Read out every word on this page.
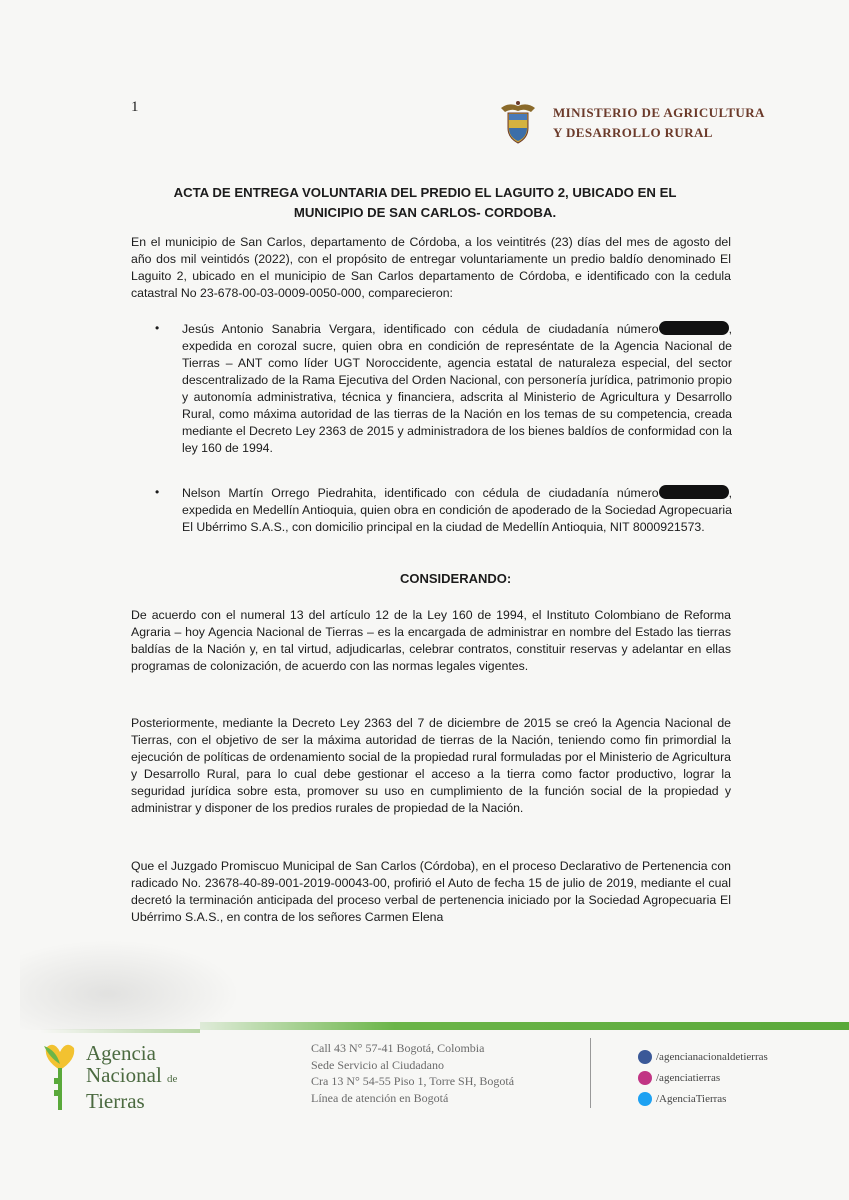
1	MINISTERIO DE AGRICULTURA
Y DESARROLLO RURAL
ACTA DE ENTREGA VOLUNTARIA DEL PREDIO EL LAGUITO 2, UBICADO EN EL
MUNICIPIO DE SAN CARLOS- CORDOBA.
En el municipio de San Carlos, departamento de Córdoba, a los veintitrés (23) días del mes de agosto del año dos mil veintidós (2022), con el propósito de entregar voluntariamente un predio baldío denominado El Laguito 2, ubicado en el municipio de San Carlos departamento de Córdoba, e identificado con la cedula catastral No 23-678-00-03-0009-0050-000, comparecieron:
• Jesús Antonio Sanabria Vergara, identificado con cédula de ciudadanía número	, expedida en corozal sucre, quien obra en condición de represéntate de la Agencia Nacional de Tierras – ANT como líder UGT Noroccidente, agencia estatal de naturaleza especial, del sector descentralizado de la Rama Ejecutiva del Orden Nacional, con personería jurídica, patrimonio propio y autonomía administrativa, técnica y financiera, adscrita al Ministerio de Agricultura y Desarrollo Rural, como máxima autoridad de las tierras de la Nación en los temas de su competencia, creada mediante el Decreto Ley 2363 de 2015 y administradora de los bienes baldíos de conformidad con la ley 160 de 1994.
• Nelson Martín Orrego Piedrahita, identificado con cédula de ciudadanía número	, expedida en Medellín Antioquia, quien obra en condición de apoderado de la Sociedad Agropecuaria El Ubérrimo S.A.S., con domicilio principal en la ciudad de Medellín Antioquia, NIT 8000921573.
CONSIDERANDO:
De acuerdo con el numeral 13 del artículo 12 de la Ley 160 de 1994, el Instituto Colombiano de Reforma Agraria – hoy Agencia Nacional de Tierras – es la encargada de administrar en nombre del Estado las tierras baldías de la Nación y, en tal virtud, adjudicarlas, celebrar contratos, constituir reservas y adelantar en ellas programas de colonización, de acuerdo con las normas legales vigentes.
Posteriormente, mediante la Decreto Ley 2363 del 7 de diciembre de 2015 se creó la Agencia Nacional de Tierras, con el objetivo de ser la máxima autoridad de tierras de la Nación, teniendo como fin primordial la ejecución de políticas de ordenamiento social de la propiedad rural formuladas por el Ministerio de Agricultura y Desarrollo Rural, para lo cual debe gestionar el acceso a la tierra como factor productivo, lograr la seguridad jurídica sobre esta, promover su uso en cumplimiento de la función social de la propiedad y administrar y disponer de los predios rurales de propiedad de la Nación.
Que el Juzgado Promiscuo Municipal de San Carlos (Córdoba), en el proceso Declarativo de Pertenencia con radicado No. 23678-40-89-001-2019-00043-00, profirió el Auto de fecha 15 de julio de 2019, mediante el cual decretó la terminación anticipada del proceso verbal de pertenencia iniciado por la Sociedad Agropecuaria El Ubérrimo S.A.S., en contra de los señores Carmen Elena
Agencia
Nacional de
Tierras
Call 43 N° 57-41 Bogotá, Colombia
Sede Servicio al Ciudadano
Cra 13 N° 54-55 Piso 1, Torre SH, Bogotá
Línea de atención en Bogotá
/agencianacionaldetierras
/agenciatierras
/AgenciaTierras
